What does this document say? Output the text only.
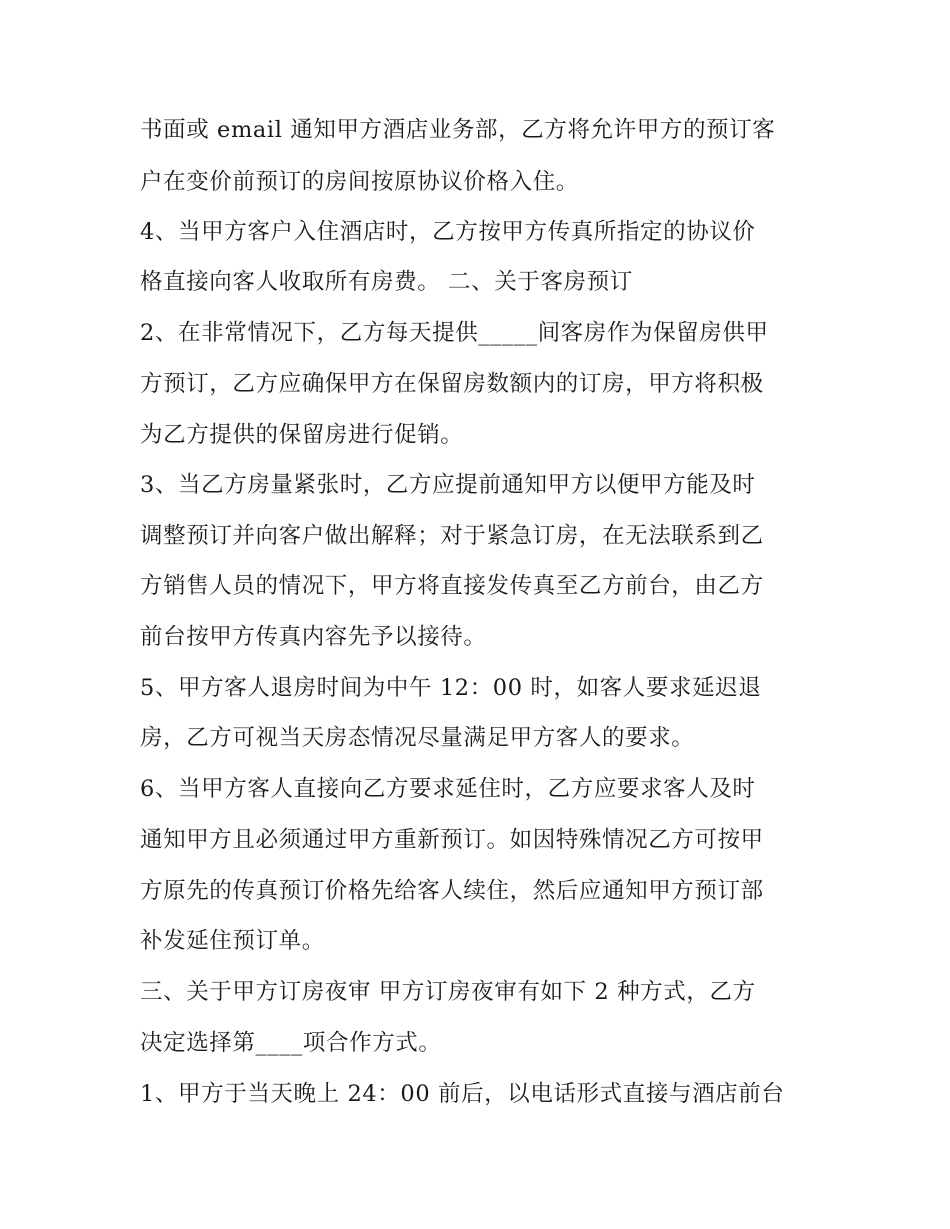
书面或 email 通知甲方酒店业务部，乙方将允许甲方的预订客
户在变价前预订的房间按原协议价格入住。
4、当甲方客户入住酒店时，乙方按甲方传真所指定的协议价
格直接向客人收取所有房费。 二、关于客房预订
2、在非常情况下，乙方每天提供_____间客房作为保留房供甲
方预订，乙方应确保甲方在保留房数额内的订房，甲方将积极
为乙方提供的保留房进行促销。
3、当乙方房量紧张时，乙方应提前通知甲方以便甲方能及时
调整预订并向客户做出解释；对于紧急订房，在无法联系到乙
方销售人员的情况下，甲方将直接发传真至乙方前台，由乙方
前台按甲方传真内容先予以接待。
5、甲方客人退房时间为中午 12：00 时，如客人要求延迟退
房，乙方可视当天房态情况尽量满足甲方客人的要求。
6、当甲方客人直接向乙方要求延住时，乙方应要求客人及时
通知甲方且必须通过甲方重新预订。如因特殊情况乙方可按甲
方原先的传真预订价格先给客人续住，然后应通知甲方预订部
补发延住预订单。
三、关于甲方订房夜审 甲方订房夜审有如下 2 种方式，乙方
决定选择第____项合作方式。
1、甲方于当天晚上 24：00 前后，以电话形式直接与酒店前台
